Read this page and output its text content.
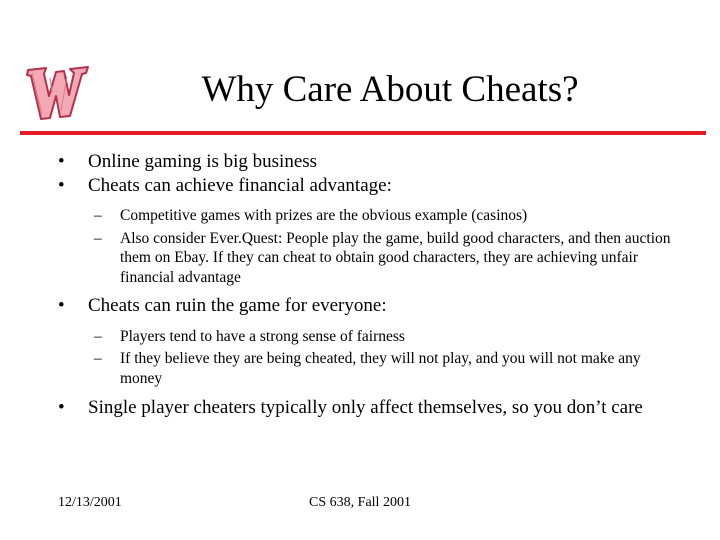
Why Care About Cheats?
• Online gaming is big business
• Cheats can achieve financial advantage:
– Competitive games with prizes are the obvious example (casinos)
– Also consider Ever.Quest: People play the game, build good characters, and then auction them on Ebay. If they can cheat to obtain good characters, they are achieving unfair financial advantage
• Cheats can ruin the game for everyone:
– Players tend to have a strong sense of fairness
– If they believe they are being cheated, they will not play, and you will not make any money
• Single player cheaters typically only affect themselves, so you don’t care
12/13/2001	CS 638, Fall 2001
